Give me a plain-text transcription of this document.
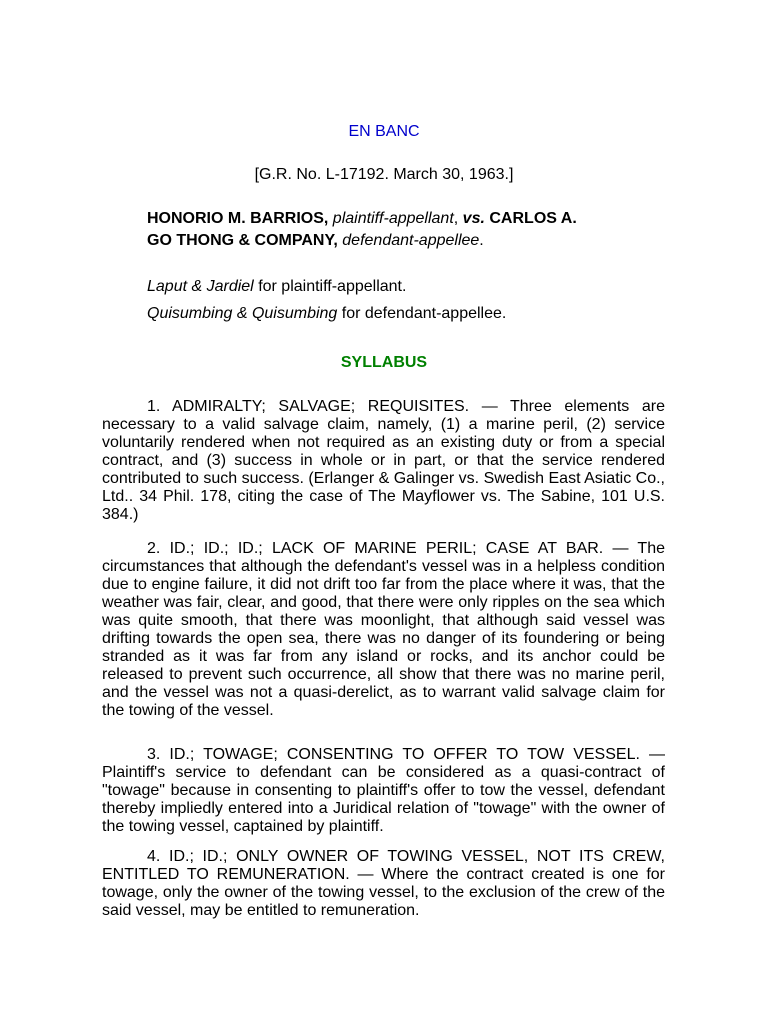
EN BANC
[G.R. No. L-17192. March 30, 1963.]
HONORIO M. BARRIOS, plaintiff-appellant, vs. CARLOS A. GO THONG & COMPANY, defendant-appellee.
Laput & Jardiel for plaintiff-appellant.
Quisumbing & Quisumbing for defendant-appellee.
SYLLABUS

1. ADMIRALTY; SALVAGE; REQUISITES. — Three elements are necessary to a valid salvage claim, namely, (1) a marine peril, (2) service voluntarily rendered when not required as an existing duty or from a special contract, and (3) success in whole or in part, or that the service rendered contributed to such success. (Erlanger & Galinger vs. Swedish East Asiatic Co., Ltd.. 34 Phil. 178, citing the case of The Mayflower vs. The Sabine, 101 U.S. 384.)

2. ID.; ID.; ID.; LACK OF MARINE PERIL; CASE AT BAR. — The circumstances that although the defendant's vessel was in a helpless condition due to engine failure, it did not drift too far from the place where it was, that the weather was fair, clear, and good, that there were only ripples on the sea which was quite smooth, that there was moonlight, that although said vessel was drifting towards the open sea, there was no danger of its foundering or being stranded as it was far from any island or rocks, and its anchor could be released to prevent such occurrence, all show that there was no marine peril, and the vessel was not a quasi-derelict, as to warrant valid salvage claim for the towing of the vessel.

3. ID.; TOWAGE; CONSENTING TO OFFER TO TOW VESSEL. — Plaintiff's service to defendant can be considered as a quasi-contract of "towage" because in consenting to plaintiff's offer to tow the vessel, defendant thereby impliedly entered into a Juridical relation of "towage" with the owner of the towing vessel, captained by plaintiff.

4. ID.; ID.; ONLY OWNER OF TOWING VESSEL, NOT ITS CREW, ENTITLED TO REMUNERATION. — Where the contract created is one for towage, only the owner of the towing vessel, to the exclusion of the crew of the said vessel, may be entitled to remuneration.
